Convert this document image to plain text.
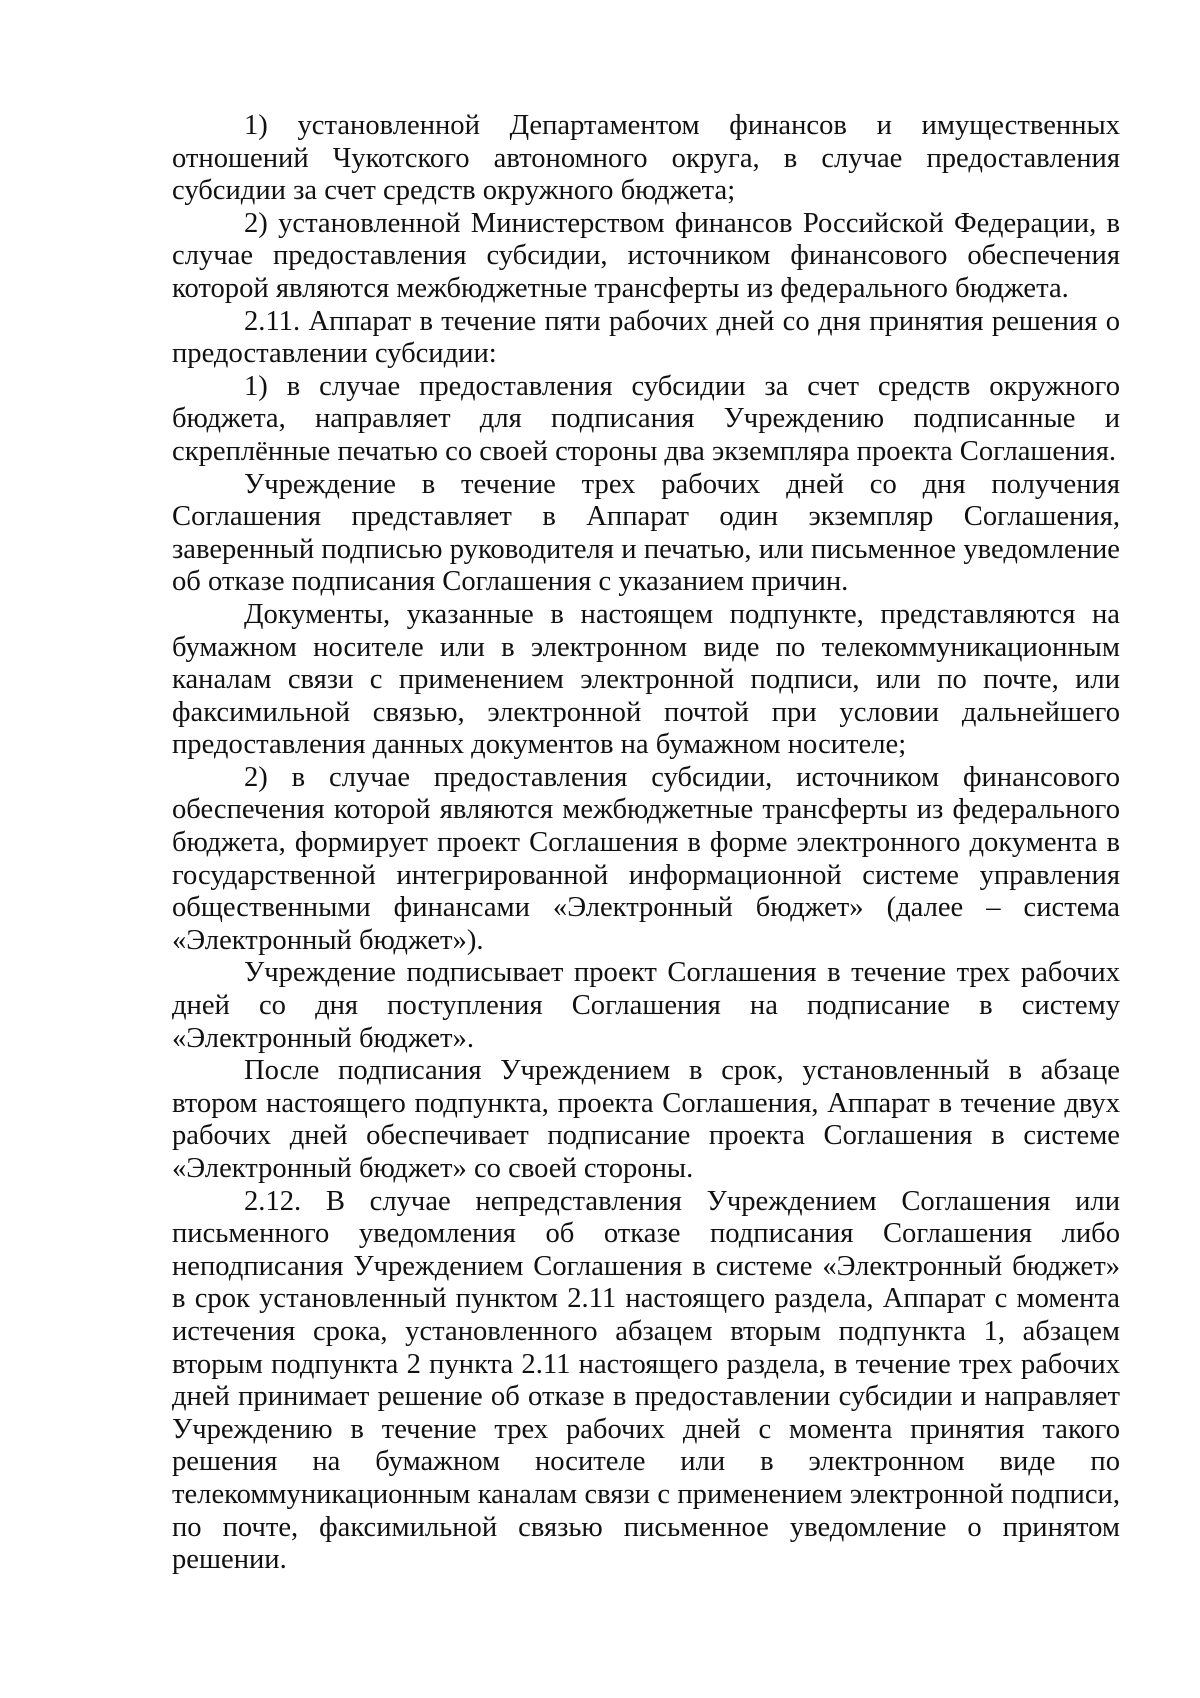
1) установленной Департаментом финансов и имущественных отношений Чукотского автономного округа, в случае предоставления субсидии за счет средств окружного бюджета;

2) установленной Министерством финансов Российской Федерации, в случае предоставления субсидии, источником финансового обеспечения которой являются межбюджетные трансферты из федерального бюджета.

2.11. Аппарат в течение пяти рабочих дней со дня принятия решения о предоставлении субсидии:

1) в случае предоставления субсидии за счет средств окружного бюджета, направляет для подписания Учреждению подписанные и скреплённые печатью со своей стороны два экземпляра проекта Соглашения.

Учреждение в течение трех рабочих дней со дня получения Соглашения представляет в Аппарат один экземпляр Соглашения, заверенный подписью руководителя и печатью, или письменное уведомление об отказе подписания Соглашения с указанием причин.

Документы, указанные в настоящем подпункте, представляются на бумажном носителе или в электронном виде по телекоммуникационным каналам связи с применением электронной подписи, или по почте, или факсимильной связью, электронной почтой при условии дальнейшего предоставления данных документов на бумажном носителе;

2) в случае предоставления субсидии, источником финансового обеспечения которой являются межбюджетные трансферты из федерального бюджета, формирует проект Соглашения в форме электронного документа в государственной интегрированной информационной системе управления общественными финансами «Электронный бюджет» (далее – система «Электронный бюджет»).

Учреждение подписывает проект Соглашения в течение трех рабочих дней со дня поступления Соглашения на подписание в систему «Электронный бюджет».

После подписания Учреждением в срок, установленный в абзаце втором настоящего подпункта, проекта Соглашения, Аппарат в течение двух рабочих дней обеспечивает подписание проекта Соглашения в системе «Электронный бюджет» со своей стороны.

2.12. В случае непредставления Учреждением Соглашения или письменного уведомления об отказе подписания Соглашения либо неподписания Учреждением Соглашения в системе «Электронный бюджет» в срок установленный пунктом 2.11 настоящего раздела, Аппарат с момента истечения срока, установленного абзацем вторым подпункта 1, абзацем вторым подпункта 2 пункта 2.11 настоящего раздела, в течение трех рабочих дней принимает решение об отказе в предоставлении субсидии и направляет Учреждению в течение трех рабочих дней с момента принятия такого решения на бумажном носителе или в электронном виде по телекоммуникационным каналам связи с применением электронной подписи, по почте, факсимильной связью письменное уведомление о принятом решении.
